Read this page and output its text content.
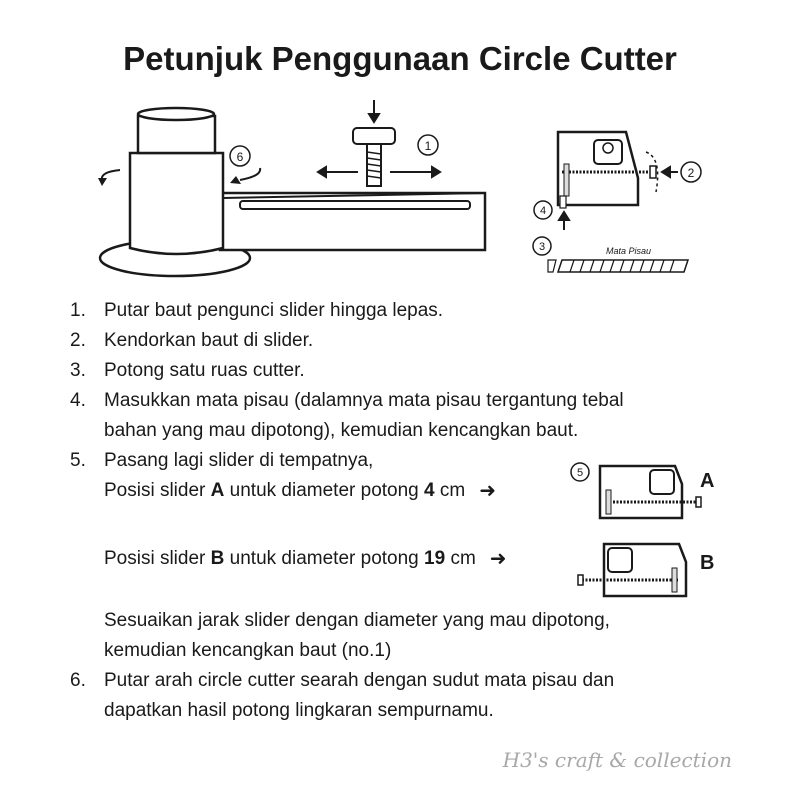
Petunjuk Penggunaan Circle Cutter
6
1
2
4
3	Mata Pisau
1. Putar baut pengunci slider hingga lepas.
2. Kendorkan baut di slider.
3. Potong satu ruas cutter.
4. Masukkan mata pisau (dalamnya mata pisau tergantung tebal
bahan yang mau dipotong), kemudian kencangkan baut.
5. Pasang lagi slider di tempatnya,
Posisi slider A untuk diameter potong 4 cm ➜
Posisi slider B untuk diameter potong 19 cm ➜
Sesuaikan jarak slider dengan diameter yang mau dipotong,
kemudian kencangkan baut (no.1)
6. Putar arah circle cutter searah dengan sudut mata pisau dan
dapatkan hasil potong lingkaran sempurnamu.
5	A
B
H3's craft & collection
